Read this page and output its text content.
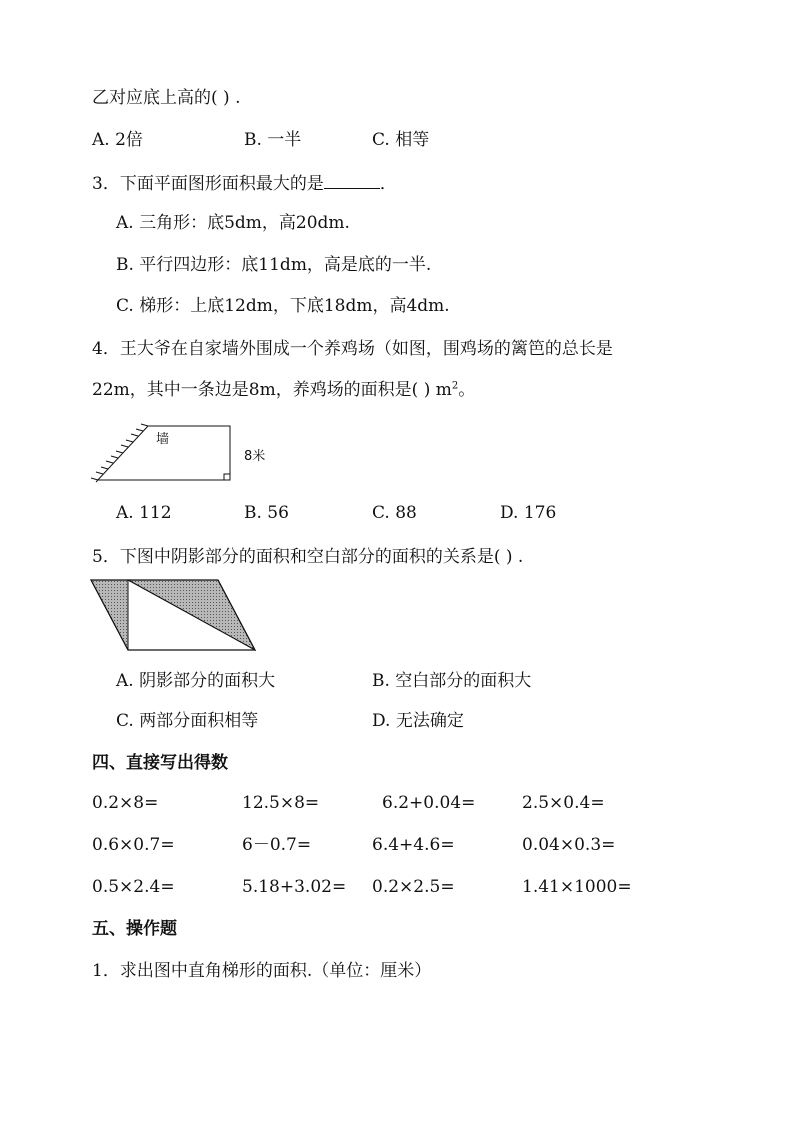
乙对应底上高的( ) .
A. 2倍	B. 一半	C. 相等
3．下面平面图形面积最大的是	．
A. 三角形：底5dm，高20dm.
B. 平行四边形：底11dm，高是底的一半.
C. 梯形：上底12dm，下底18dm，高4dm.
4．王大爷在自家墙外围成一个养鸡场（如图，围鸡场的篱笆的总长是
22m，其中一条边是8m，养鸡场的面积是( ) $m^2$。
墙
8米
A. 112	B. 56	C. 88	D. 176
5．下图中阴影部分的面积和空白部分的面积的关系是( ) .
A. 阴影部分的面积大	B. 空白部分的面积大
C. 两部分面积相等	D. 无法确定
四、直接写出得数
0.2×8=	12.5×8=	6.2+0.04=	2.5×0.4=
0.6×0.7=	6－0.7=	6.4+4.6=	0.04×0.3=
0.5×2.4=	5.18+3.02= 0.2×2.5=	1.41×1000=
五、操作题
1．求出图中直角梯形的面积.（单位：厘米）
